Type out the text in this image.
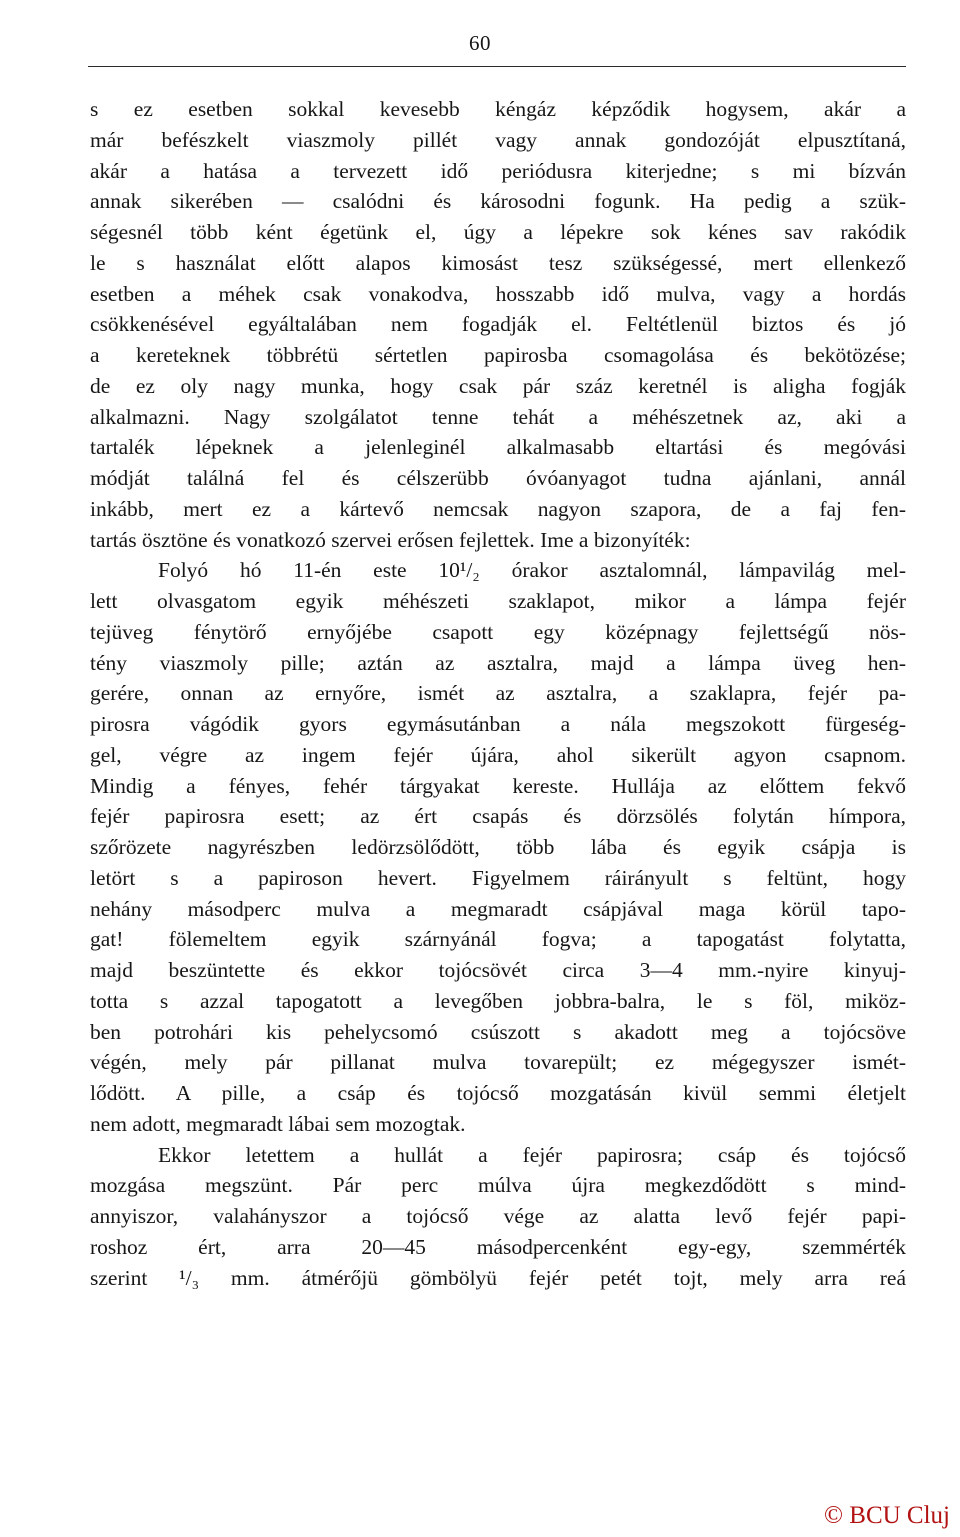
60
s ez esetben sokkal kevesebb kéngáz képződik hogysem, akár a
már befészkelt viaszmoly pillét vagy annak gondozóját elpusztítaná,
akár a hatása a tervezett idő periódusra kiterjedne; s mi bízván
annak sikerében — csalódni és károsodni fogunk. Ha pedig a szük-
ségesnél több ként égetünk el, úgy a lépekre sok kénes sav rakódik
le s használat előtt alapos kimosást tesz szükségessé, mert ellenkező
esetben a méhek csak vonakodva, hosszabb idő mulva, vagy a hordás
csökkenésével egyáltalában nem fogadják el. Feltétlenül biztos és jó
a kereteknek többrétü sértetlen papirosba csomagolása és bekötözése;
de ez oly nagy munka, hogy csak pár száz keretnél is aligha fogják
alkalmazni. Nagy szolgálatot tenne tehát a méhészetnek az, aki a
tartalék lépeknek a jelenleginél alkalmasabb eltartási és megóvási
módját találná fel és célszerübb óvóanyagot tudna ajánlani, annál
inkább, mert ez a kártevő nemcsak nagyon szapora, de a faj fen-
tartás ösztöne és vonatkozó szervei erősen fejlettek. Ime a bizonyíték:
Folyó hó 11-én este 10¹/₂ órakor asztalomnál, lámpavilág mel-
lett olvasgatom egyik méhészeti szaklapot, mikor a lámpa fejér
tejüveg fénytörő ernyőjébe csapott egy középnagy fejlettségű nös-
tény viaszmoly pille; aztán az asztalra, majd a lámpa üveg hen-
gerére, onnan az ernyőre, ismét az asztalra, a szaklapra, fejér pa-
pirosra vágódik gyors egymásutánban a nála megszokott fürgeség-
gel, végre az ingem fejér újára, ahol sikerült agyon csapnom.
Mindig a fényes, fehér tárgyakat kereste. Hullája az előttem fekvő
fejér papirosra esett; az ért csapás és dörzsölés folytán hímpora,
szőrözete nagyrészben ledörzsölődött, több lába és egyik csápja is
letört s a papiroson hevert. Figyelmem ráirányult s feltünt, hogy
nehány másodperc mulva a megmaradt csápjával maga körül tapo-
gat! fölemeltem egyik szárnyánál fogva; a tapogatást folytatta,
majd beszüntette és ekkor tojócsövét circa 3—4 mm.-nyire kinyuj-
totta s azzal tapogatott a levegőben jobbra-balra, le s föl, miköz-
ben potrohári kis pehelycsomó csúszott s akadott meg a tojócsöve
végén, mely pár pillanat mulva tovarepült; ez mégegyszer ismét-
lődött. A pille, a csáp és tojócső mozgatásán kivül semmi életjelt
nem adott, megmaradt lábai sem mozogtak.
Ekkor letettem a hullát a fejér papirosra; csáp és tojócső
mozgása megszünt. Pár perc múlva újra megkezdődött s mind-
annyiszor, valahányszor a tojócső vége az alatta levő fejér papi-
roshoz ért, arra 20—45 másodpercenként egy-egy, szemmérték
szerint ¹/₃ mm. átmérőjü gömbölyü fejér petét tojt, mely arra reá
© BCU Cluj
